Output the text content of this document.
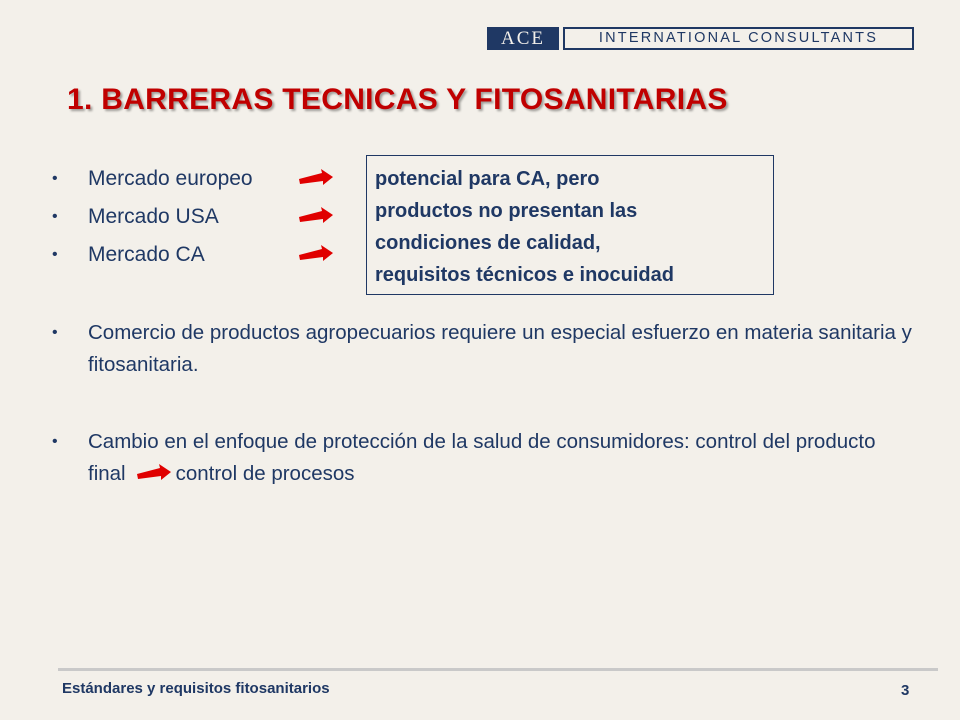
ACE	INTERNATIONAL CONSULTANTS
1. BARRERAS TECNICAS Y FITOSANITARIAS
• Mercado europeo
• Mercado USA
• Mercado CA
potencial para CA, pero
productos no presentan las
condiciones de calidad,
requisitos técnicos e inocuidad
• Comercio de productos agropecuarios requiere un especial esfuerzo en materia sanitaria y fitosanitaria.
• Cambio en el enfoque de protección de la salud de consumidores: control del producto final control de procesos
Estándares y requisitos fitosanitarios	3
